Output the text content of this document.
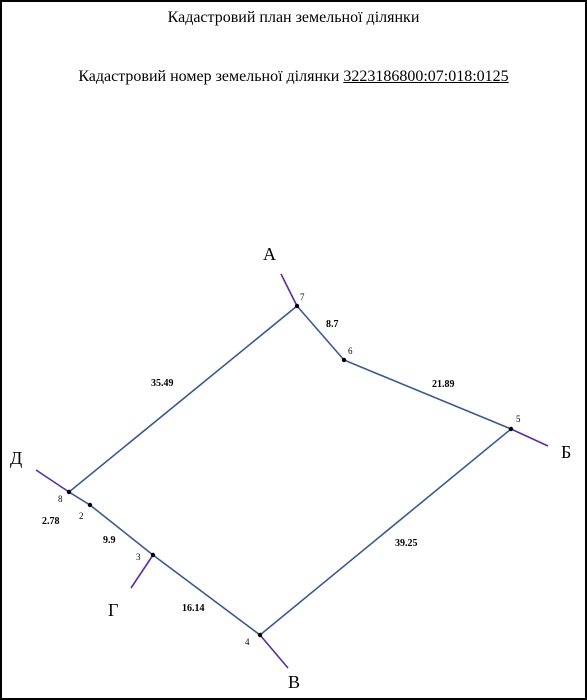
Кадастровий план земельної ділянки
Кадастровий номер земельної ділянки 3223186800:07:018:0125
7
6
5
4
3
2
8
8.7
21.89
35.49
2.78
9.9
16.14
39.25
А
Б
В
Г
Д
